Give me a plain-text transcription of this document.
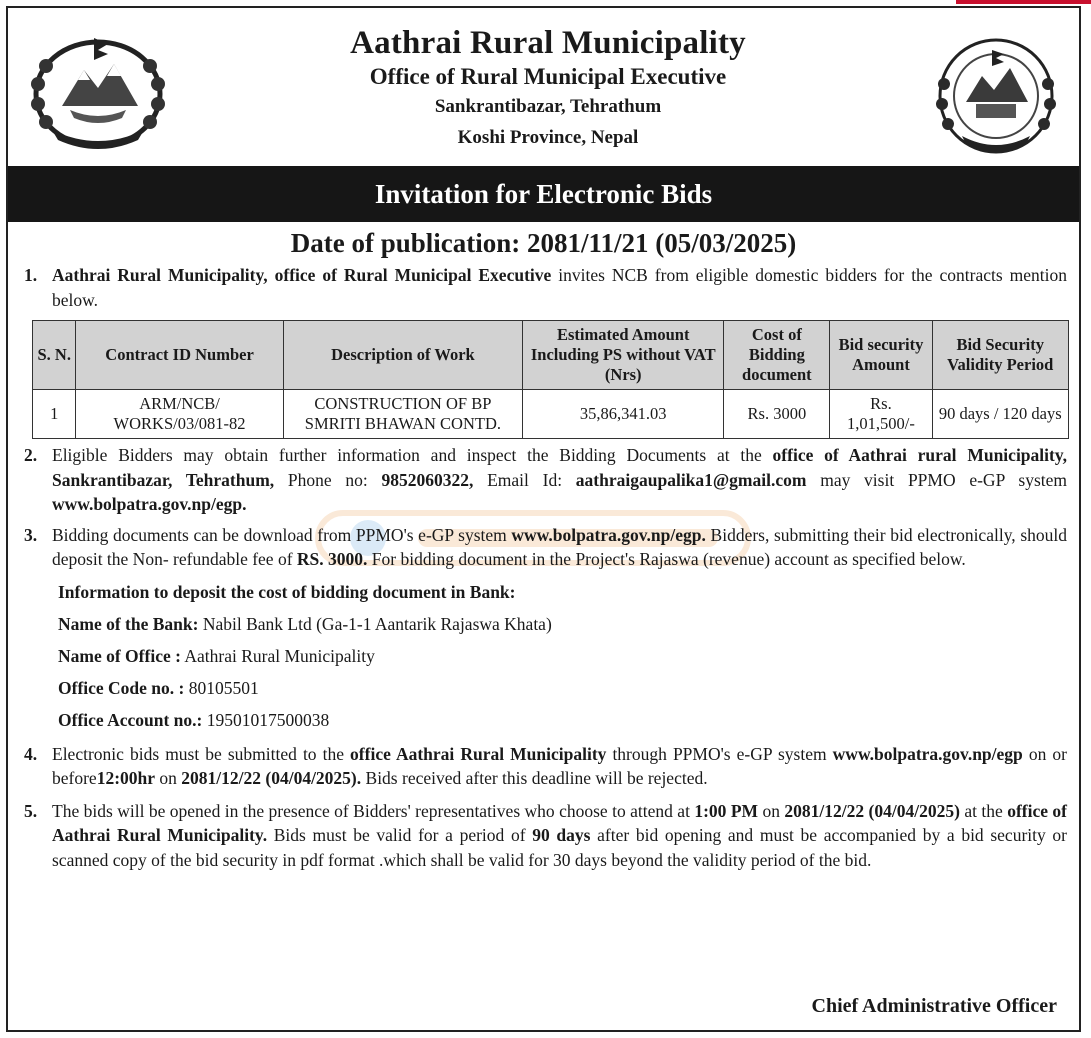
Aathrai Rural Municipality
Office of Rural Municipal Executive
Sankrantibazar, Tehrathum
Koshi Province, Nepal
Invitation for Electronic Bids
Date of publication: 2081/11/21 (05/03/2025)
1. Aathrai Rural Municipality, office of Rural Municipal Executive invites NCB from eligible domestic bidders for the contracts mention below.
S. N.	Contract ID Number	Description of Work	Estimated Amount Including PS without VAT (Nrs)	Cost of Bidding document	Bid security Amount	Bid Security Validity Period
1	ARM/NCB/ WORKS/03/081-82	CONSTRUCTION OF BP SMRITI BHAWAN CONTD.	35,86,341.03	Rs. 3000	Rs. 1,01,500/-	90 days / 120 days
2. Eligible Bidders may obtain further information and inspect the Bidding Documents at the office of Aathrai rural Municipality, Sankrantibazar, Tehrathum, Phone no: 9852060322, Email Id: aathraigaupalika1@gmail.com may visit PPMO e-GP system www.bolpatra.gov.np/egp.
3. Bidding documents can be download from PPMO's e-GP system www.bolpatra.gov.np/egp. Bidders, submitting their bid electronically, should deposit the Non- refundable fee of RS. 3000. For bidding document in the Project's Rajaswa (revenue) account as specified below.
Information to deposit the cost of bidding document in Bank:
Name of the Bank: Nabil Bank Ltd (Ga-1-1 Aantarik Rajaswa Khata)
Name of Office : Aathrai Rural Municipality
Office Code no. : 80105501
Office Account no.: 19501017500038
4. Electronic bids must be submitted to the office Aathrai Rural Municipality through PPMO's e-GP system www.bolpatra.gov.np/egp on or before12:00hr on 2081/12/22 (04/04/2025). Bids received after this deadline will be rejected.
5. The bids will be opened in the presence of Bidders' representatives who choose to attend at 1:00 PM on 2081/12/22 (04/04/2025) at the office of Aathrai Rural Municipality. Bids must be valid for a period of 90 days after bid opening and must be accompanied by a bid security or scanned copy of the bid security in pdf format .which shall be valid for 30 days beyond the validity period of the bid.
Chief Administrative Officer
